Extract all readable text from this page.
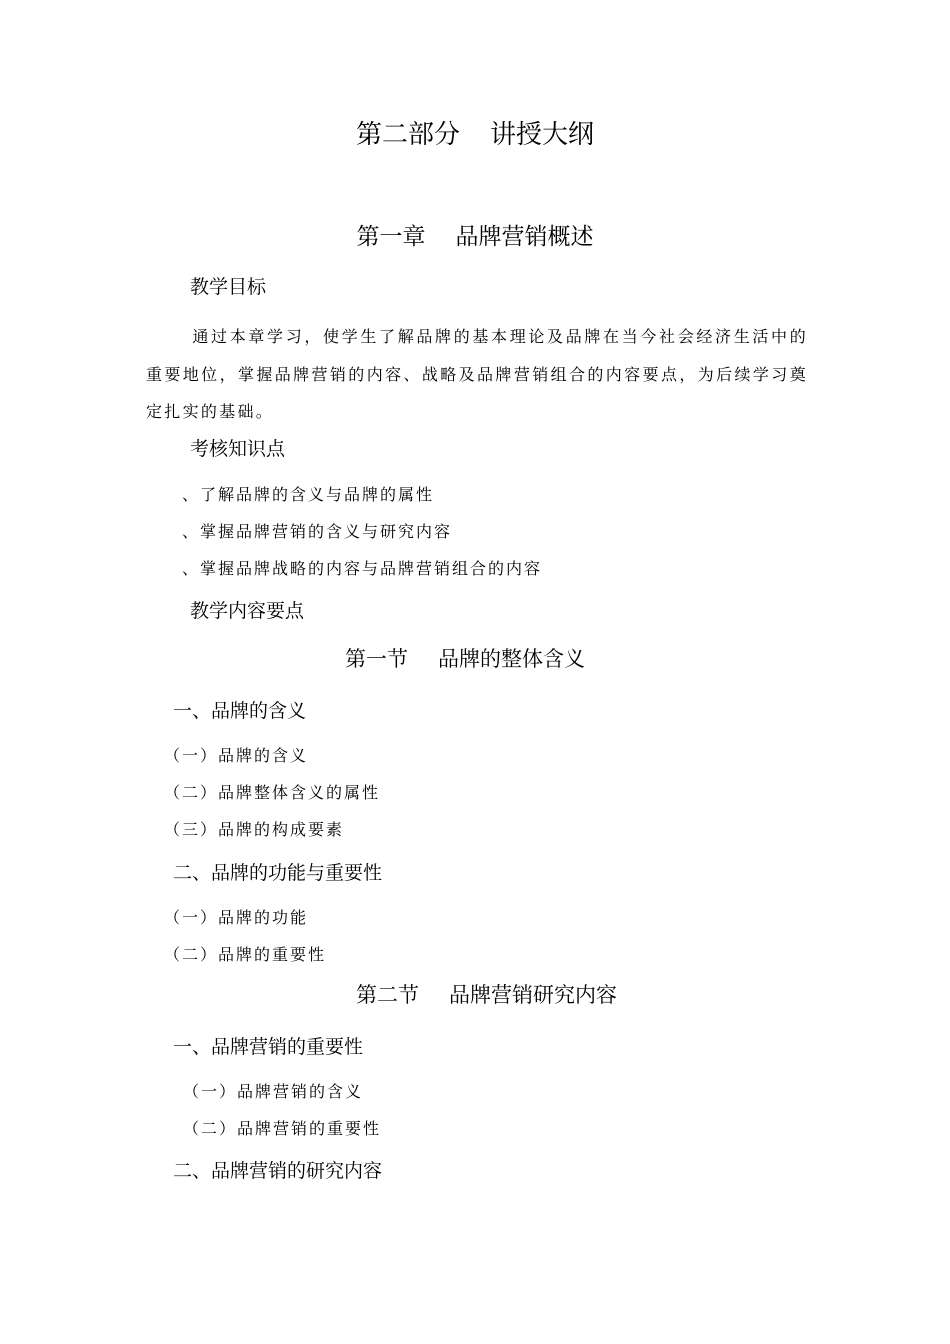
第二部分 讲授大纲
第一章 品牌营销概述
教学目标
通过本章学习，使学生了解品牌的基本理论及品牌在当今社会经济生活中的重要地位，掌握品牌营销的内容、战略及品牌营销组合的内容要点，为后续学习奠定扎实的基础。
考核知识点
、了解品牌的含义与品牌的属性
、掌握品牌营销的含义与研究内容
、掌握品牌战略的内容与品牌营销组合的内容
教学内容要点
第一节 品牌的整体含义
一、品牌的含义
（一）品牌的含义
（二）品牌整体含义的属性
（三）品牌的构成要素
二、品牌的功能与重要性
（一）品牌的功能
（二）品牌的重要性
第二节 品牌营销研究内容
一、品牌营销的重要性
（一）品牌营销的含义
（二）品牌营销的重要性
二、品牌营销的研究内容
